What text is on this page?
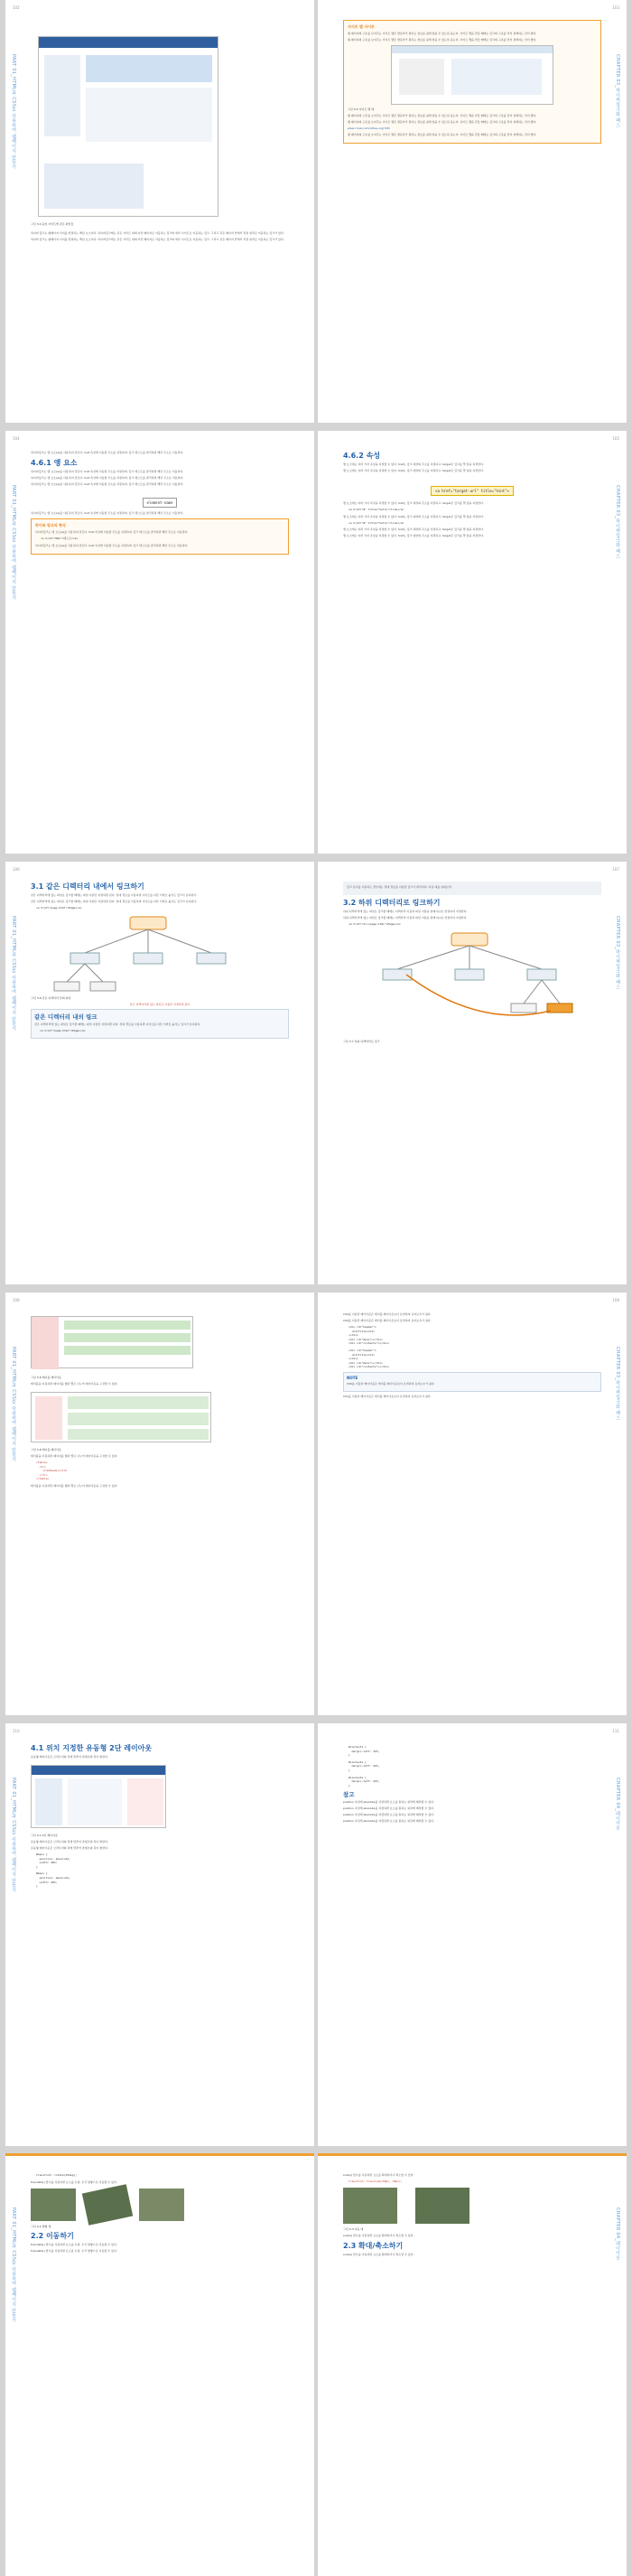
102
PART 01_HTML과 CSS를 사용하여 웹페이지 만들기
그림 3-4 동일 사이트에 같은 파일들
하이퍼 링크는 웹페이지 사이를 연결하는 핵심 요소이다. 하이퍼링크에는 같은 사이트 내의 다른 페이지로 이동하는 링크와 외부 사이트로 이동하는 링크, 그리고 같은 페이지 안에서 특정 위치로 이동하는 링크가 있다.
하이퍼 링크는 웹페이지 사이를 연결하는 핵심 요소이다. 하이퍼링크에는 같은 사이트 내의 다른 페이지로 이동하는 링크와 외부 사이트로 이동하는 링크, 그리고 같은 페이지 안에서 특정 위치로 이동하는 링크가 있다.
103
CHAPTER 03_하이퍼링크와 패스
사이트 맵 사이트
웹 페이지의 구조를 보여주는 사이트 맵은 방문자가 원하는 정보를 쉽게 찾을 수 있도록 돕는다. 사이트 맵을 만들 때에는 링크의 구조를 먼저 설계하는 것이 좋다.
웹 페이지의 구조를 보여주는 사이트 맵은 방문자가 원하는 정보를 쉽게 찾을 수 있도록 돕는다. 사이트 맵을 만들 때에는 링크의 구조를 먼저 설계하는 것이 좋다.
그림 3-5 사이트 맵 예
웹 페이지의 구조를 보여주는 사이트 맵은 방문자가 원하는 정보를 쉽게 찾을 수 있도록 돕는다. 사이트 맵을 만들 때에는 링크의 구조를 먼저 설계하는 것이 좋다.
웹 페이지의 구조를 보여주는 사이트 맵은 방문자가 원하는 정보를 쉽게 찾을 수 있도록 돕는다. 사이트 맵을 만들 때에는 링크의 구조를 먼저 설계하는 것이 좋다.
www.crowncommittee.org/YUM
웹 페이지의 구조를 보여주는 사이트 맵은 방문자가 원하는 정보를 쉽게 찾을 수 있도록 돕는다. 사이트 맵을 만들 때에는 링크의 구조를 먼저 설계하는 것이 좋다.
104
PART 01_HTML과 CSS를 사용하여 웹페이지 만들기
하이퍼링크는 앵 요소(a)를 사용하여 만든다. href 속성에 이동할 주소를 지정하며, 링크 텍스트를 클릭하면 해당 주소로 이동한다.
4.6.1 앵 요소
하이퍼링크는 앵 요소(a)를 사용하여 만든다. href 속성에 이동할 주소를 지정하며, 링크 텍스트를 클릭하면 해당 주소로 이동한다.
하이퍼링크는 앵 요소(a)를 사용하여 만든다. href 속성에 이동할 주소를 지정하며, 링크 텍스트를 클릭하면 해당 주소로 이동한다.
하이퍼링크는 앵 요소(a)를 사용하여 만든다. href 속성에 이동할 주소를 지정하며, 링크 텍스트를 클릭하면 해당 주소로 이동한다.
element-name
하이퍼링크는 앵 요소(a)를 사용하여 만든다. href 속성에 이동할 주소를 지정하며, 링크 텍스트를 클릭하면 해당 주소로 이동한다.
하이퍼 링크의 형식
하이퍼링크는 앵 요소(a)를 사용하여 만든다. href 속성에 이동할 주소를 지정하며, 링크 텍스트를 클릭하면 해당 주소로 이동한다.
<a href="URL">텍스트</a>
하이퍼링크는 앵 요소(a)를 사용하여 만든다. href 속성에 이동할 주소를 지정하며, 링크 텍스트를 클릭하면 해당 주소로 이동한다.
105
CHAPTER 03_하이퍼링크와 패스
4.6.2 속성
앵 요소에는 여러 가지 속성을 지정할 수 있다. href는 링크 대상의 주소를 지정하고, target은 링크를 열 창을 지정한다.
앵 요소에는 여러 가지 속성을 지정할 수 있다. href는 링크 대상의 주소를 지정하고, target은 링크를 열 창을 지정한다.
<a href="target-url" title="hint">
앵 요소에는 여러 가지 속성을 지정할 수 있다. href는 링크 대상의 주소를 지정하고, target은 링크를 열 창을 지정한다.
<a href="#" title="hello">link</a>
앵 요소에는 여러 가지 속성을 지정할 수 있다. href는 링크 대상의 주소를 지정하고, target은 링크를 열 창을 지정한다.
<a href="#" title="hello">link</a>
앵 요소에는 여러 가지 속성을 지정할 수 있다. href는 링크 대상의 주소를 지정하고, target은 링크를 열 창을 지정한다.
앵 요소에는 여러 가지 속성을 지정할 수 있다. href는 링크 대상의 주소를 지정하고, target은 링크를 열 창을 지정한다.
106
PART 01_HTML과 CSS를 사용하여 웹페이지 만들기
3.1 같은 디렉터리 내에서 링크하기
같은 디렉터리에 있는 파일로 링크할 때에는 파일 이름만 지정하면 된다. 상대 경로를 사용하면 사이트를 다른 서버로 옮겨도 링크가 유지된다.
같은 디렉터리에 있는 파일로 링크할 때에는 파일 이름만 지정하면 된다. 상대 경로를 사용하면 사이트를 다른 서버로 옮겨도 링크가 유지된다.
<a href="page.html">Page</a>
그림 3-6 같은 디렉터리 안의 파일
같은 디렉터리에 있는 파일은 이름만 지정하면 된다
같은 디렉터리 내의 링크
같은 디렉터리에 있는 파일로 링크할 때에는 파일 이름만 지정하면 된다. 상대 경로를 사용하면 사이트를 다른 서버로 옮겨도 링크가 유지된다.
<a href="page.html">Page</a>
107
CHAPTER 03_하이퍼링크와 패스
링크 문서를 사용하는 경우에는 상대 경로를 이용한 링크가 편리하다. 다음 예를 살펴보자.
3.2 하위 디렉터리로 링크하기
하위 디렉터리에 있는 파일로 링크할 때에는 디렉터리 이름과 파일 이름을 슬래시(/)로 연결하여 지정한다.
하위 디렉터리에 있는 파일로 링크할 때에는 디렉터리 이름과 파일 이름을 슬래시(/)로 연결하여 지정한다.
<a href="dir/page.html">Page</a>
그림 3-7 하위 디렉터리로 링크
108
PART 01_HTML과 CSS를 사용하여 웹페이지 만들기	그림 3-8 테이블 레이아웃
테이블을 이용하면 페이지를 행과 열로 나누어 레이아웃을 구성할 수 있다.
그림 3-8 테이블 레이아웃
테이블을 이용하면 페이지를 행과 열로 나누어 레이아웃을 구성할 수 있다.
<table>
<tr>
<td>Header</td>
</tr>
</table>
테이블을 이용하면 페이지를 행과 열로 나누어 레이아웃을 구성할 수 있다.
109
CHAPTER 03_하이퍼링크와 패스
CSS를 이용한 레이아웃은 테이블 레이아웃보다 유연하며 유지보수가 쉽다.
CSS를 이용한 레이아웃은 테이블 레이아웃보다 유연하며 유지보수가 쉽다.
<div id="header">
<h1>Title</h1>
</div>
<div id="menu"></div>
<div id="contents"></div>
<div id="header">
<h1>Title</h1>
</div>
<div id="menu"></div>
<div id="contents"></div>
NOTE
CSS를 이용한 레이아웃은 테이블 레이아웃보다 유연하며 유지보수가 쉽다.
CSS를 이용한 레이아웃은 테이블 레이아웃보다 유연하며 유지보수가 쉽다.
110
PART 01_HTML과 CSS를 사용하여 웹페이지 만들기
4.1 위치 지정한 유동형 2단 레이아웃
유동형 레이아웃은 브라우저의 폭에 맞추어 콘텐츠의 폭이 변한다.
그림 4-1 2단 레이아웃
유동형 레이아웃은 브라우저의 폭에 맞추어 콘텐츠의 폭이 변한다.
유동형 레이아웃은 브라우저의 폭에 맞추어 콘텐츠의 폭이 변한다.
#menu {
position: absolute;
width: 20%;
}
#menu {
position: absolute;
width: 20%;
}
111
CHAPTER 04_레이아웃
#contents {
margin-left: 22%;
}
#contents {
margin-left: 22%;
}
#contents {
margin-left: 22%;
}
참고
position 속성에 absolute를 지정하면 요소를 원하는 위치에 배치할 수 있다.
position 속성에 absolute를 지정하면 요소를 원하는 위치에 배치할 수 있다.
position 속성에 absolute를 지정하면 요소를 원하는 위치에 배치할 수 있다.
position 속성에 absolute를 지정하면 요소를 원하는 위치에 배치할 수 있다.
PART 01_HTML과 CSS를 사용하여 웹페이지 만들기
transform: rotate(45deg);
translate() 함수를 사용하면 요소를 수평, 수직 방향으로 이동할 수 있다.
그림 4-2 변형 예
2.2 이동하기
translate() 함수를 사용하면 요소를 수평, 수직 방향으로 이동할 수 있다.
translate() 함수를 사용하면 요소를 수평, 수직 방향으로 이동할 수 있다.	CHAPTER 04_레이아웃
scale() 함수를 사용하면 요소를 확대하거나 축소할 수 있다.
transform: translate(50px, 30px);
그림 4-3 이동 예
scale() 함수를 사용하면 요소를 확대하거나 축소할 수 있다.
2.3 확대/축소하기
scale() 함수를 사용하면 요소를 확대하거나 축소할 수 있다.
